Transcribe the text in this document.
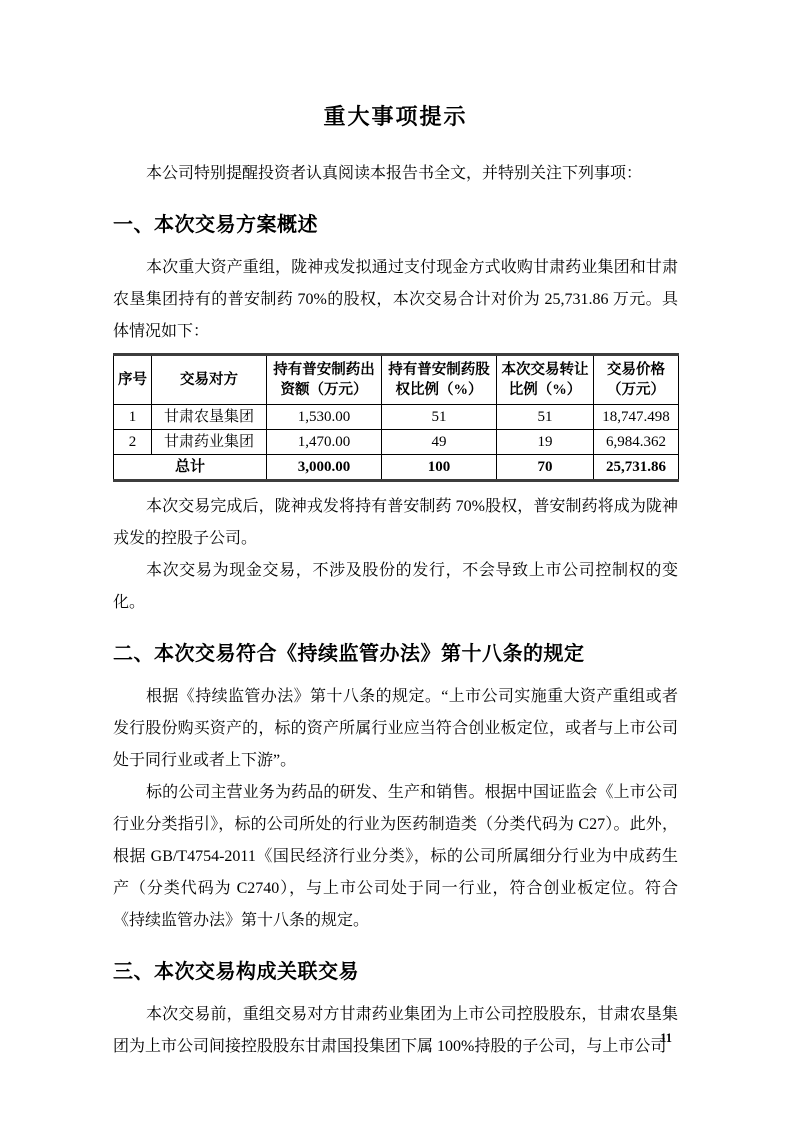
重大事项提示

本公司特别提醒投资者认真阅读本报告书全文，并特别关注下列事项：

一、本次交易方案概述

本次重大资产重组，陇神戎发拟通过支付现金方式收购甘肃药业集团和甘肃农垦集团持有的普安制药 70%的股权，本次交易合计对价为 25,731.86 万元。具体情况如下：

序号	交易对方	持有普安制药出资额（万元）	持有普安制药股权比例（%）	本次交易转让比例（%）	交易价格（万元）
1	甘肃农垦集团	1,530.00	51	51	18,747.498
2	甘肃药业集团	1,470.00	49	19	6,984.362
总计		3,000.00	100	70	25,731.86

本次交易完成后，陇神戎发将持有普安制药 70%股权，普安制药将成为陇神戎发的控股子公司。

本次交易为现金交易，不涉及股份的发行，不会导致上市公司控制权的变化。

二、本次交易符合《持续监管办法》第十八条的规定

根据《持续监管办法》第十八条的规定。“上市公司实施重大资产重组或者发行股份购买资产的，标的资产所属行业应当符合创业板定位，或者与上市公司处于同行业或者上下游”。

标的公司主营业务为药品的研发、生产和销售。根据中国证监会《上市公司行业分类指引》，标的公司所处的行业为医药制造类（分类代码为 C27）。此外，根据 GB/T4754-2011《国民经济行业分类》，标的公司所属细分行业为中成药生产（分类代码为 C2740），与上市公司处于同一行业，符合创业板定位。符合《持续监管办法》第十八条的规定。

三、本次交易构成关联交易

本次交易前，重组交易对方甘肃药业集团为上市公司控股股东，甘肃农垦集团为上市公司间接控股股东甘肃国投集团下属 100%持股的子公司，与上市公司

11
